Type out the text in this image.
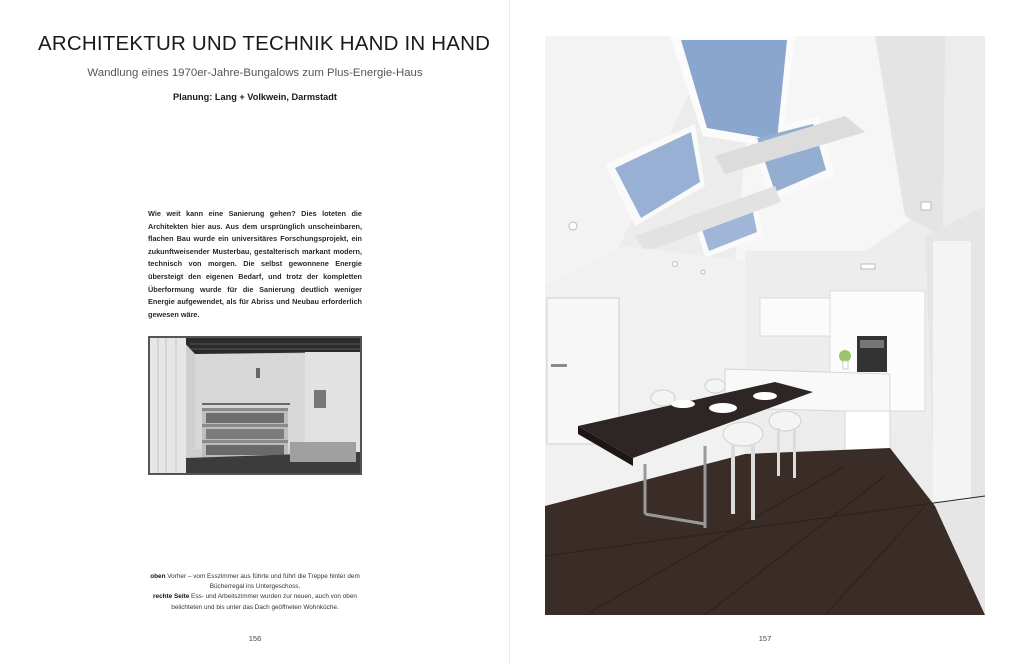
ARCHITEKTUR UND TECHNIK HAND IN HAND
Wandlung eines 1970er-Jahre-Bungalows zum Plus-Energie-Haus
Planung: Lang + Volkwein, Darmstadt

Wie weit kann eine Sanierung gehen? Dies loteten die Architekten hier aus. Aus dem ursprünglich unscheinbaren, flachen Bau wurde ein universitäres Forschungsprojekt, ein zukunftweisender Musterbau, gestalterisch markant modern, technisch von morgen. Die selbst gewonnene Energie übersteigt den eigenen Bedarf, und trotz der kompletten Überformung wurde für die Sanierung deutlich weniger Energie aufgewendet, als für Abriss und Neubau erforderlich gewesen wäre.

oben Vorher – vom Esszimmer aus führte und führt die Treppe hinter dem Bücherregal ins Untergeschoss.
rechte Seite Ess- und Arbeitszimmer wurden zur neuen, auch von oben belichteten und bis unter das Dach geöffneten Wohnküche.
156	157
